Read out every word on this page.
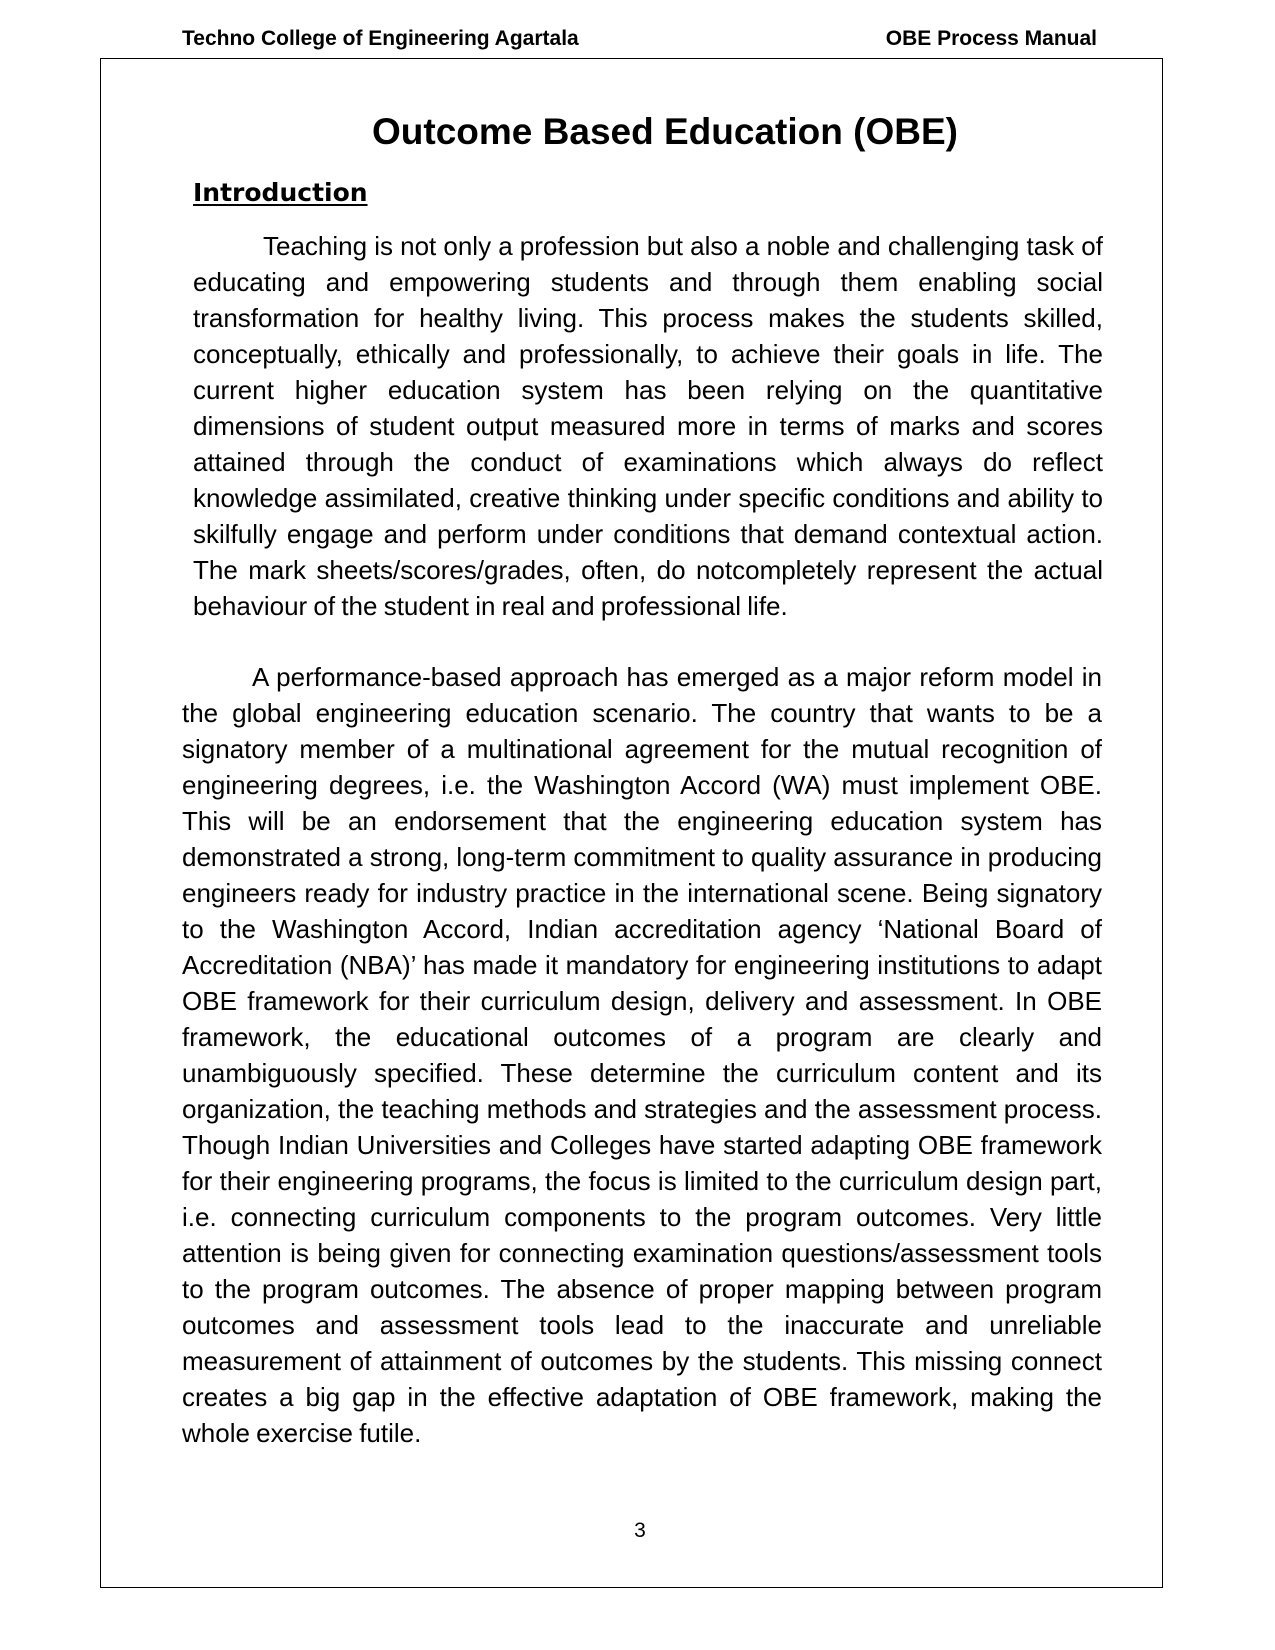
Techno College of Engineering Agartala	OBE Process Manual
Outcome Based Education (OBE)
Introduction

Teaching is not only a profession but also a noble and challenging task of educating and empowering students and through them enabling social transformation for healthy living. This process makes the students skilled, conceptually, ethically and professionally, to achieve their goals in life. The current higher education system has been relying on the quantitative dimensions of student output measured more in terms of marks and scores attained through the conduct of examinations which always do reflect knowledge assimilated, creative thinking under specific conditions and ability to skilfully engage and perform under conditions that demand contextual action. The mark sheets/scores/grades, often, do notcompletely represent the actual behaviour of the student in real and professional life.

A performance-based approach has emerged as a major reform model in the global engineering education scenario. The country that wants to be a signatory member of a multinational agreement for the mutual recognition of engineering degrees, i.e. the Washington Accord (WA) must implement OBE. This will be an endorsement that the engineering education system has demonstrated a strong, long-term commitment to quality assurance in producing engineers ready for industry practice in the international scene. Being signatory to the Washington Accord, Indian accreditation agency ‘National Board of Accreditation (NBA)’ has made it mandatory for engineering institutions to adapt OBE framework for their curriculum design, delivery and assessment. In OBE framework, the educational outcomes of a program are clearly and unambiguously specified. These determine the curriculum content and its organization, the teaching methods and strategies and the assessment process. Though Indian Universities and Colleges have started adapting OBE framework for their engineering programs, the focus is limited to the curriculum design part, i.e. connecting curriculum components to the program outcomes. Very little attention is being given for connecting examination questions/assessment tools to the program outcomes. The absence of proper mapping between program outcomes and assessment tools lead to the inaccurate and unreliable measurement of attainment of outcomes by the students. This missing connect creates a big gap in the effective adaptation of OBE framework, making the whole exercise futile.

3
